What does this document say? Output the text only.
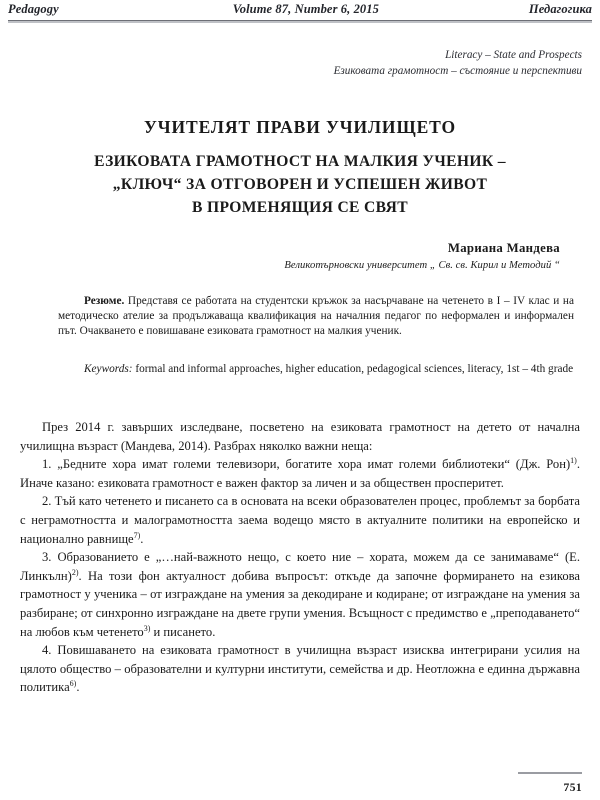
Pedagogy	Volume 87, Number 6, 2015	Педагогика
Literacy – State and Prospects
Езиковата грамотност – състояние и перспективи
УЧИТЕЛЯТ ПРАВИ УЧИЛИЩЕТО
ЕЗИКОВАТА ГРАМОТНОСТ НА МАЛКИЯ УЧЕНИК –
„КЛЮЧ“ ЗА ОТГОВОРЕН И УСПЕШЕН ЖИВОТ
В ПРОМЕНЯЩИЯ СЕ СВЯТ
Мариана Мандева
Великотърновски университет „ Св. св. Кирил и Методий “

Резюме. Представя се работата на студентски кръжок за насърчаване на четенето в I – IV клас и на методическо ателие за продължаваща квалификация на началния педагог по неформален и информален път. Очакването е повишаване езиковата грамотност на малкия ученик.

Keywords: formal and informal approaches, higher education, pedagogical sciences, literacy, 1st – 4th grade

През 2014 г. завърших изследване, посветено на езиковата грамотност на детето от начална училищна възраст (Мандева, 2014). Разбрах няколко важни неща:

1. „Бедните хора имат големи телевизори, богатите хора имат големи библиотеки“ (Дж. Рон)$^{1)}$. Иначе казано: езиковата грамотност е важен фактор за личен и за обществен просперитет.

2. Тъй като четенето и писането са в основата на всеки образователен процес, проблемът за борбата с неграмотността и малограмотността заема водещо място в актуалните политики на европейско и национално равнище$^{7)}$.

3. Образованието е „…най-важното нещо, с което ние – хората, можем да се занимаваме“ (Е. Линкълн)$^{2)}$. На този фон актуалност добива въпросът: откъде да започне формирането на езикова грамотност у ученика – от изграждане на умения за декодиране и кодиране; от изграждане на умения за разбиране; от синхронно изграждане на двете групи умения. Всъщност с предимство е „преподаването“ на любов към четенето$^{3)}$ и писането.

4. Повишаването на езиковата грамотност в училищна възраст изисква интегрирани усилия на цялото общество – образователни и културни институти, семейства и др. Неотложна е единна държавна политика$^{6)}$.

751
